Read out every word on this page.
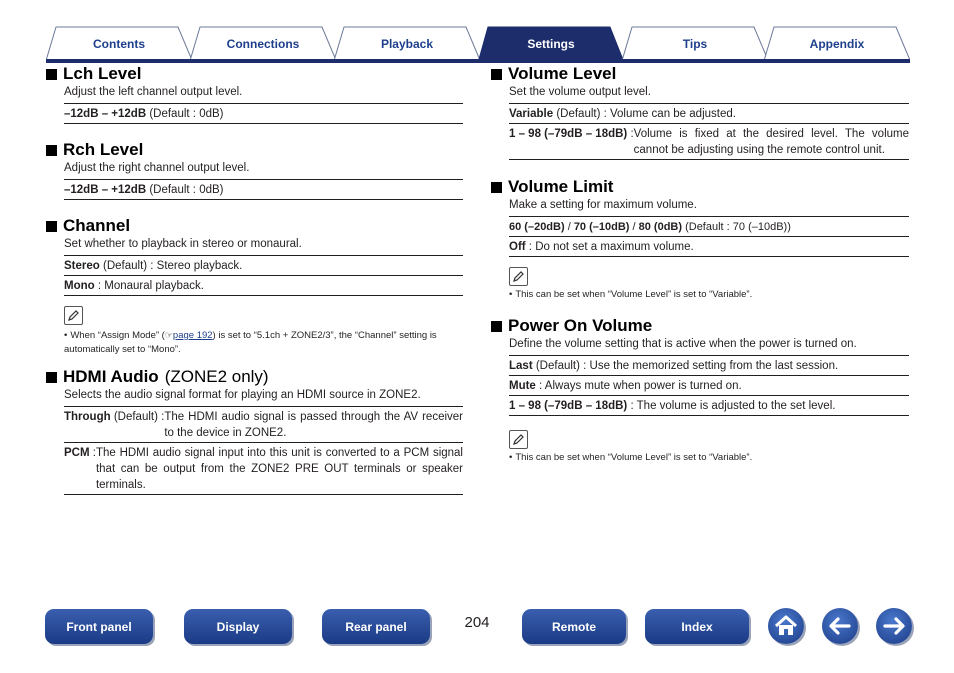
Contents	Connections	Playback	Settings	Tips	Appendix
Lch Level
Adjust the left channel output level.
–12dB – +12dB (Default : 0dB)
Rch Level
Adjust the right channel output level.
–12dB – +12dB (Default : 0dB)
Channel
Set whether to playback in stereo or monaural.
Stereo (Default) : Stereo playback.
Mono : Monaural playback.
• When “Assign Mode” (☞page 192) is set to “5.1ch + ZONE2/3”, the “Channel” setting is automatically set to “Mono”.
HDMI Audio (ZONE2 only)
Selects the audio signal format for playing an HDMI source in ZONE2.
Through (Default) : The HDMI audio signal is passed through the AV receiver to the device in ZONE2.
PCM : The HDMI audio signal input into this unit is converted to a PCM signal that can be output from the ZONE2 PRE OUT terminals or speaker terminals.
Volume Level
Set the volume output level.
Variable (Default) : Volume can be adjusted.
1 – 98 (–79dB – 18dB) : Volume is fixed at the desired level. The volume cannot be adjusting using the remote control unit.
Volume Limit
Make a setting for maximum volume.
60 (–20dB) / 70 (–10dB) / 80 (0dB) (Default : 70 (–10dB))
Off : Do not set a maximum volume.
• This can be set when “Volume Level” is set to “Variable”.
Power On Volume
Define the volume setting that is active when the power is turned on.
Last (Default) : Use the memorized setting from the last session.
Mute : Always mute when power is turned on.
1 – 98 (–79dB – 18dB) : The volume is adjusted to the set level.
• This can be set when “Volume Level” is set to “Variable”.
Front panel	Display	Rear panel	204	Remote	Index
